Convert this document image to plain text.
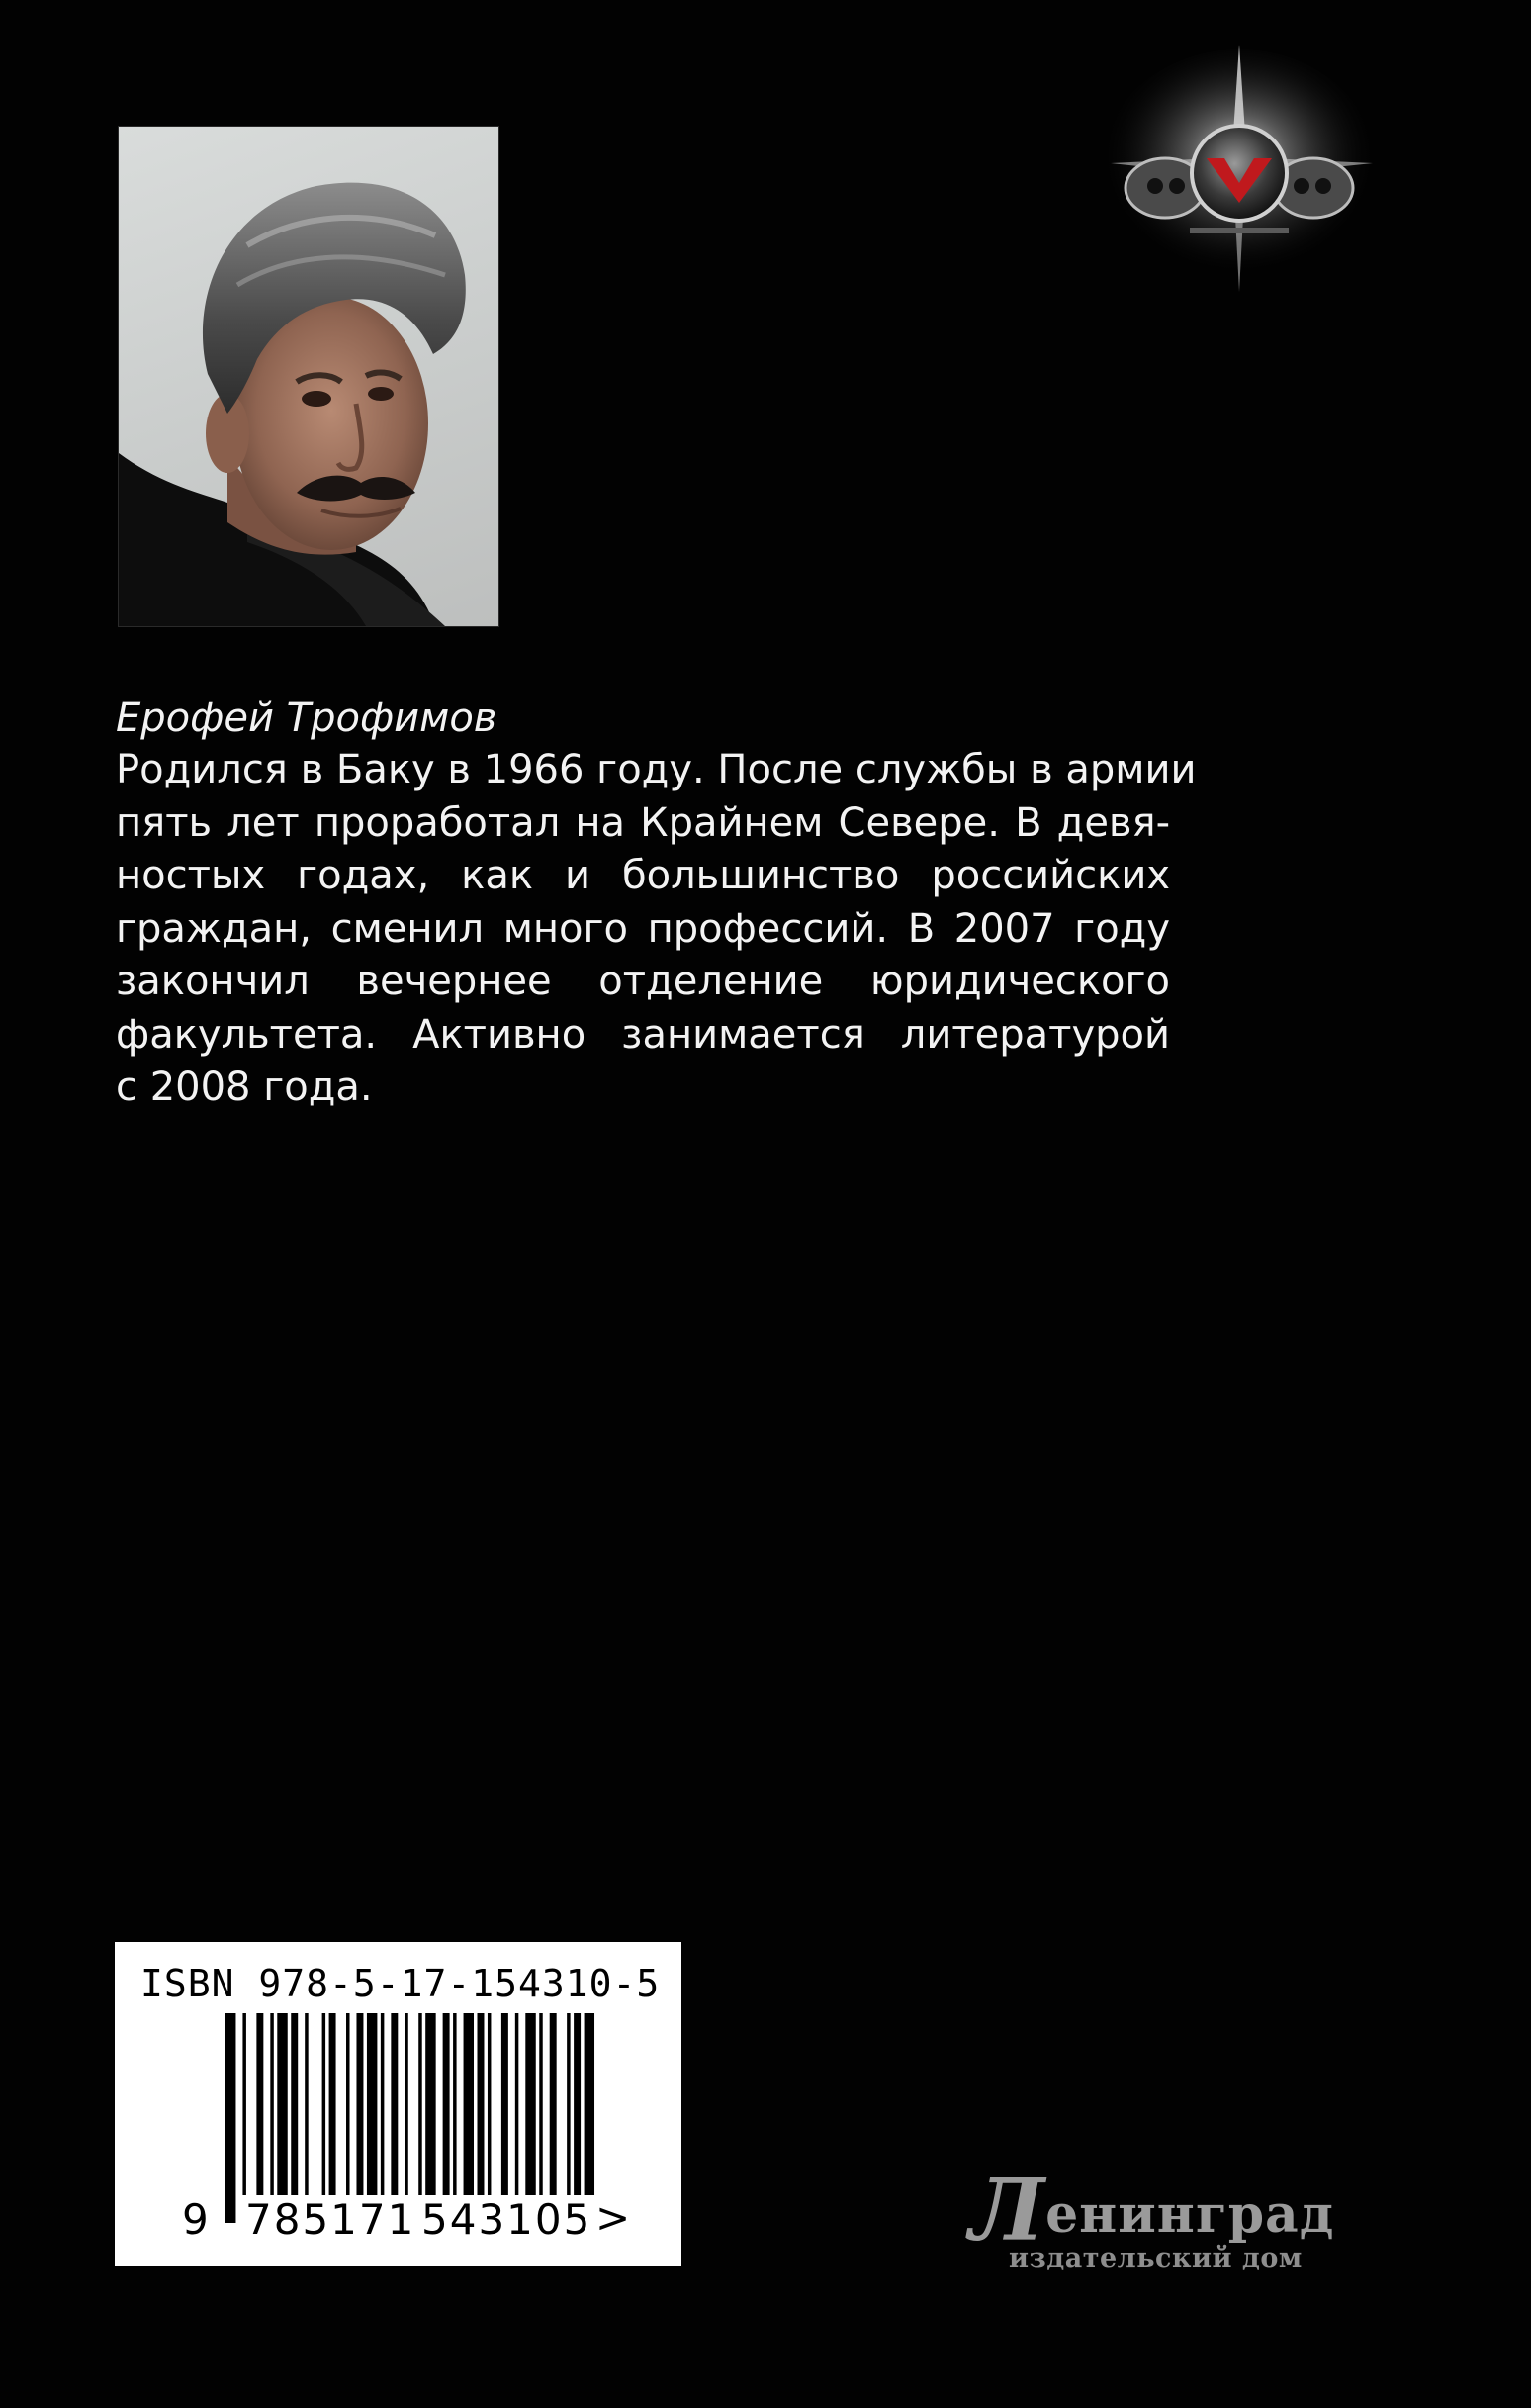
Ерофей Трофимов

Родился в Баку в 1966 году. После службы в армии
пять лет проработал на Крайнем Севере. В девя-
ностых годах, как и большинство российских
граждан, сменил много профессий. В 2007 году
закончил вечернее отделение юридического
факультета. Активно занимается литературой
с 2008 года.
ISBN 978-5-17-154310-5
9 785171 543105 >	Ленинград
издательский дом
